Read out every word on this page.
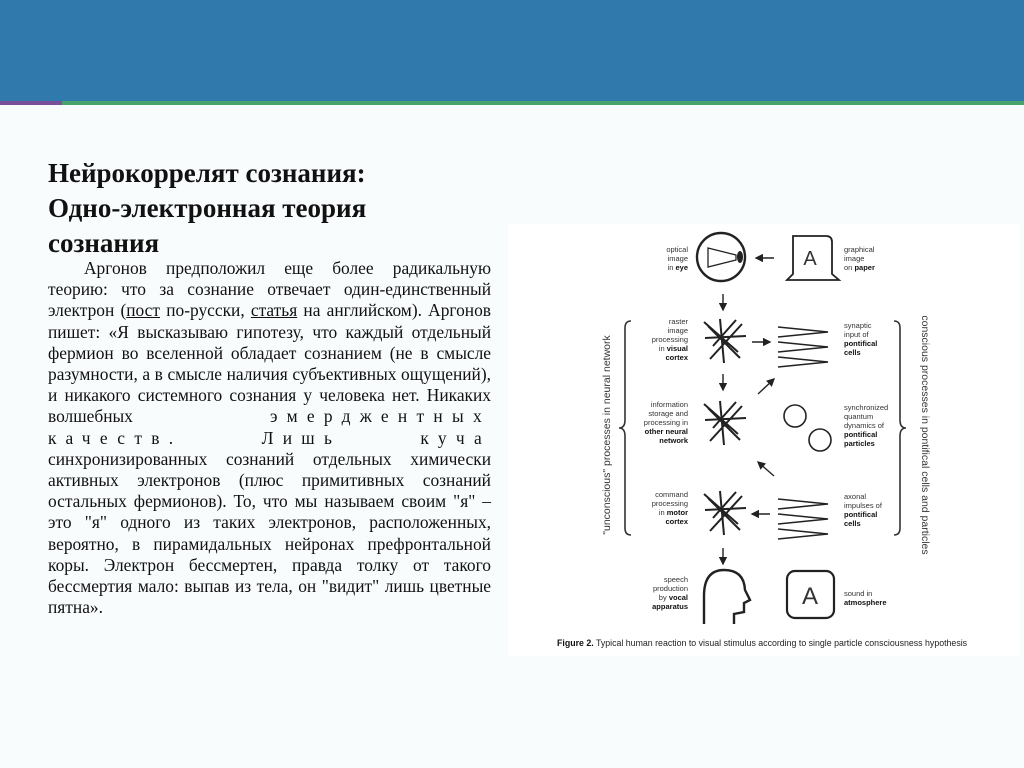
Нейрокоррелят сознания:
Одно-электронная теория
сознания

Аргонов предположил еще более радикальную теорию: что за сознание отвечает один-единственный электрон (пост по-русски, статья на английском). Аргонов пишет: «Я высказываю гипотезу, что каждый отдельный фермион во вселенной обладает сознанием (не в смысле разумности, а в смысле наличия субъективных ощущений), и никакого системного сознания у человека нет. Никаких волшебных эмерджентных качеств. Лишь куча синхронизированных сознаний отдельных химически активных электронов (плюс примитивных сознаний остальных фермионов). То, что мы называем своим "я" – это "я" одного из таких электронов, расположенных, вероятно, в пирамидальных нейронах префронтальной коры. Электрон бессмертен, правда толку от такого бессмертия мало: выпав из тела, он "видит" лишь цветные пятна».

"unconscious" processes in neural network	conscious processes in pontifical cells and particles
A
A
optical image in eye
raster image processing in visual cortex
information storage and processing in other neural network
command processing in motor cortex
speech production by vocal apparatus
graphical image on paper
synaptic input of pontifical cells
synchronized quantum dynamics of pontifical particles
axonal impulses of pontifical cells
sound in atmosphere
Figure 2. Typical human reaction to visual stimulus according to single particle consciousness hypothesis
